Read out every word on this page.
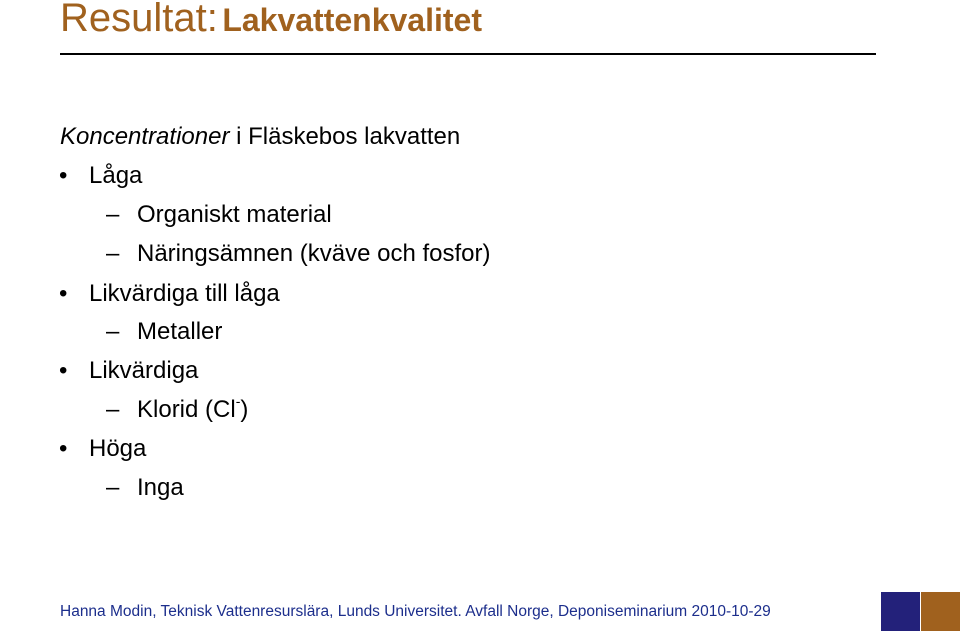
Resultat: Lakvattenkvalitet
Koncentrationer i Fläskebos lakvatten
• Låga
– Organiskt material
– Näringsämnen (kväve och fosfor)
• Likvärdiga till låga
– Metaller
• Likvärdiga
– Klorid (Cl-)
• Höga
– Inga
Hanna Modin, Teknisk Vattenresurslära, Lunds Universitet. Avfall Norge, Deponiseminarium 2010-10-29
